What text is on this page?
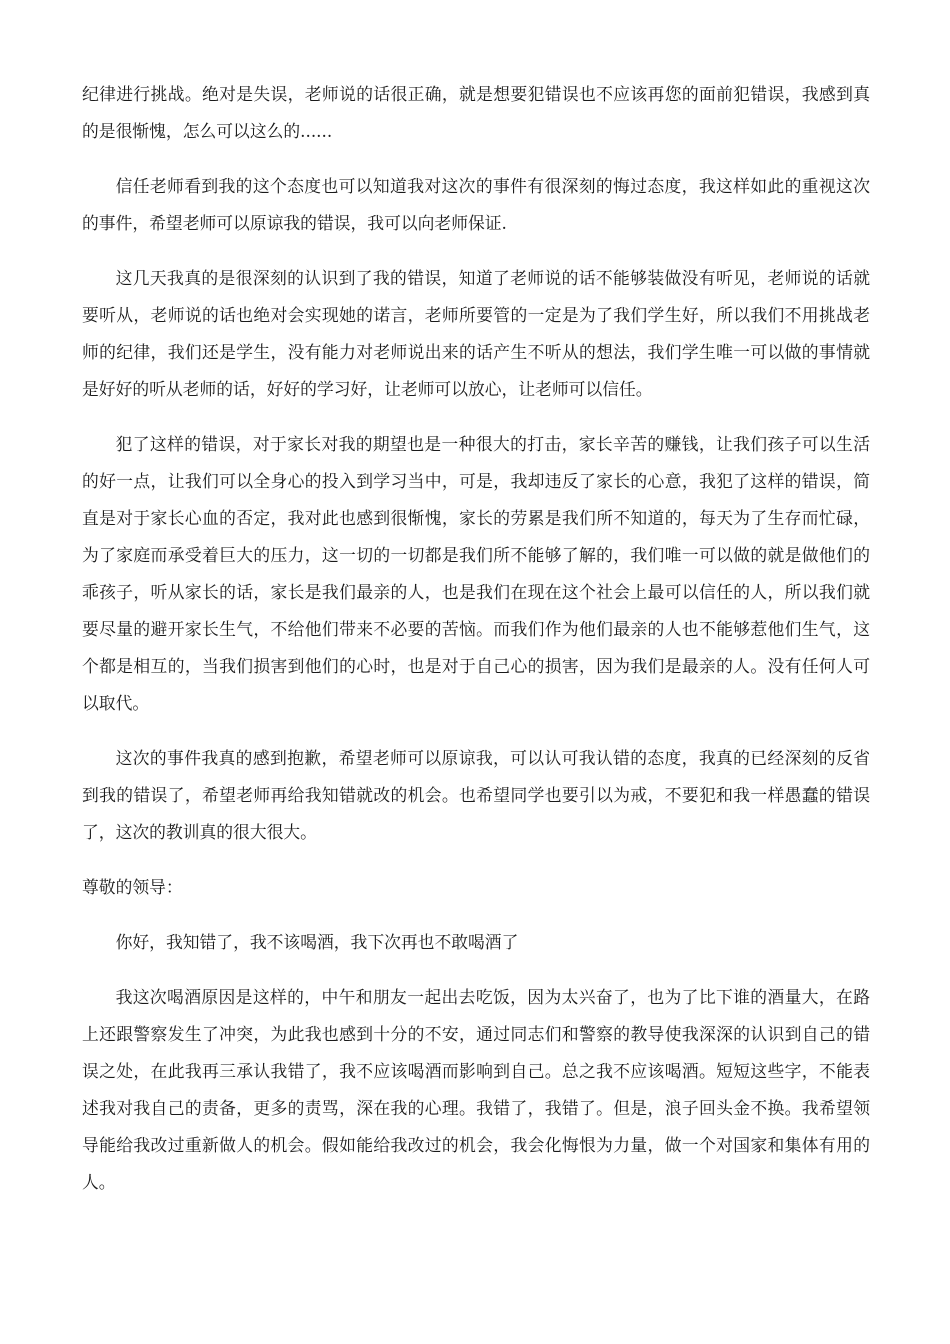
纪律进行挑战。绝对是失误，老师说的话很正确，就是想要犯错误也不应该再您的面前犯错误，我感到真的是很惭愧，怎么可以这么的......

信任老师看到我的这个态度也可以知道我对这次的事件有很深刻的悔过态度，我这样如此的重视这次的事件，希望老师可以原谅我的错误，我可以向老师保证.

这几天我真的是很深刻的认识到了我的错误，知道了老师说的话不能够装做没有听见，老师说的话就要听从，老师说的话也绝对会实现她的诺言，老师所要管的一定是为了我们学生好，所以我们不用挑战老师的纪律，我们还是学生，没有能力对老师说出来的话产生不听从的想法，我们学生唯一可以做的事情就是好好的听从老师的话，好好的学习好，让老师可以放心，让老师可以信任。

犯了这样的错误，对于家长对我的期望也是一种很大的打击，家长辛苦的赚钱，让我们孩子可以生活的好一点，让我们可以全身心的投入到学习当中，可是，我却违反了家长的心意，我犯了这样的错误，简直是对于家长心血的否定，我对此也感到很惭愧，家长的劳累是我们所不知道的，每天为了生存而忙碌，为了家庭而承受着巨大的压力，这一切的一切都是我们所不能够了解的，我们唯一可以做的就是做他们的乖孩子，听从家长的话，家长是我们最亲的人，也是我们在现在这个社会上最可以信任的人，所以我们就要尽量的避开家长生气，不给他们带来不必要的苦恼。而我们作为他们最亲的人也不能够惹他们生气，这个都是相互的，当我们损害到他们的心时，也是对于自己心的损害，因为我们是最亲的人。没有任何人可以取代。

这次的事件我真的感到抱歉，希望老师可以原谅我，可以认可我认错的态度，我真的已经深刻的反省到我的错误了，希望老师再给我知错就改的机会。也希望同学也要引以为戒，不要犯和我一样愚蠢的错误了，这次的教训真的很大很大。

尊敬的领导：

你好，我知错了，我不该喝酒，我下次再也不敢喝酒了

我这次喝酒原因是这样的，中午和朋友一起出去吃饭，因为太兴奋了，也为了比下谁的酒量大，在路上还跟警察发生了冲突，为此我也感到十分的不安，通过同志们和警察的教导使我深深的认识到自己的错误之处，在此我再三承认我错了，我不应该喝酒而影响到自己。总之我不应该喝酒。短短这些字，不能表述我对我自己的责备，更多的责骂，深在我的心理。我错了，我错了。但是，浪子回头金不换。我希望领导能给我改过重新做人的机会。假如能给我改过的机会，我会化悔恨为力量，做一个对国家和集体有用的人。
